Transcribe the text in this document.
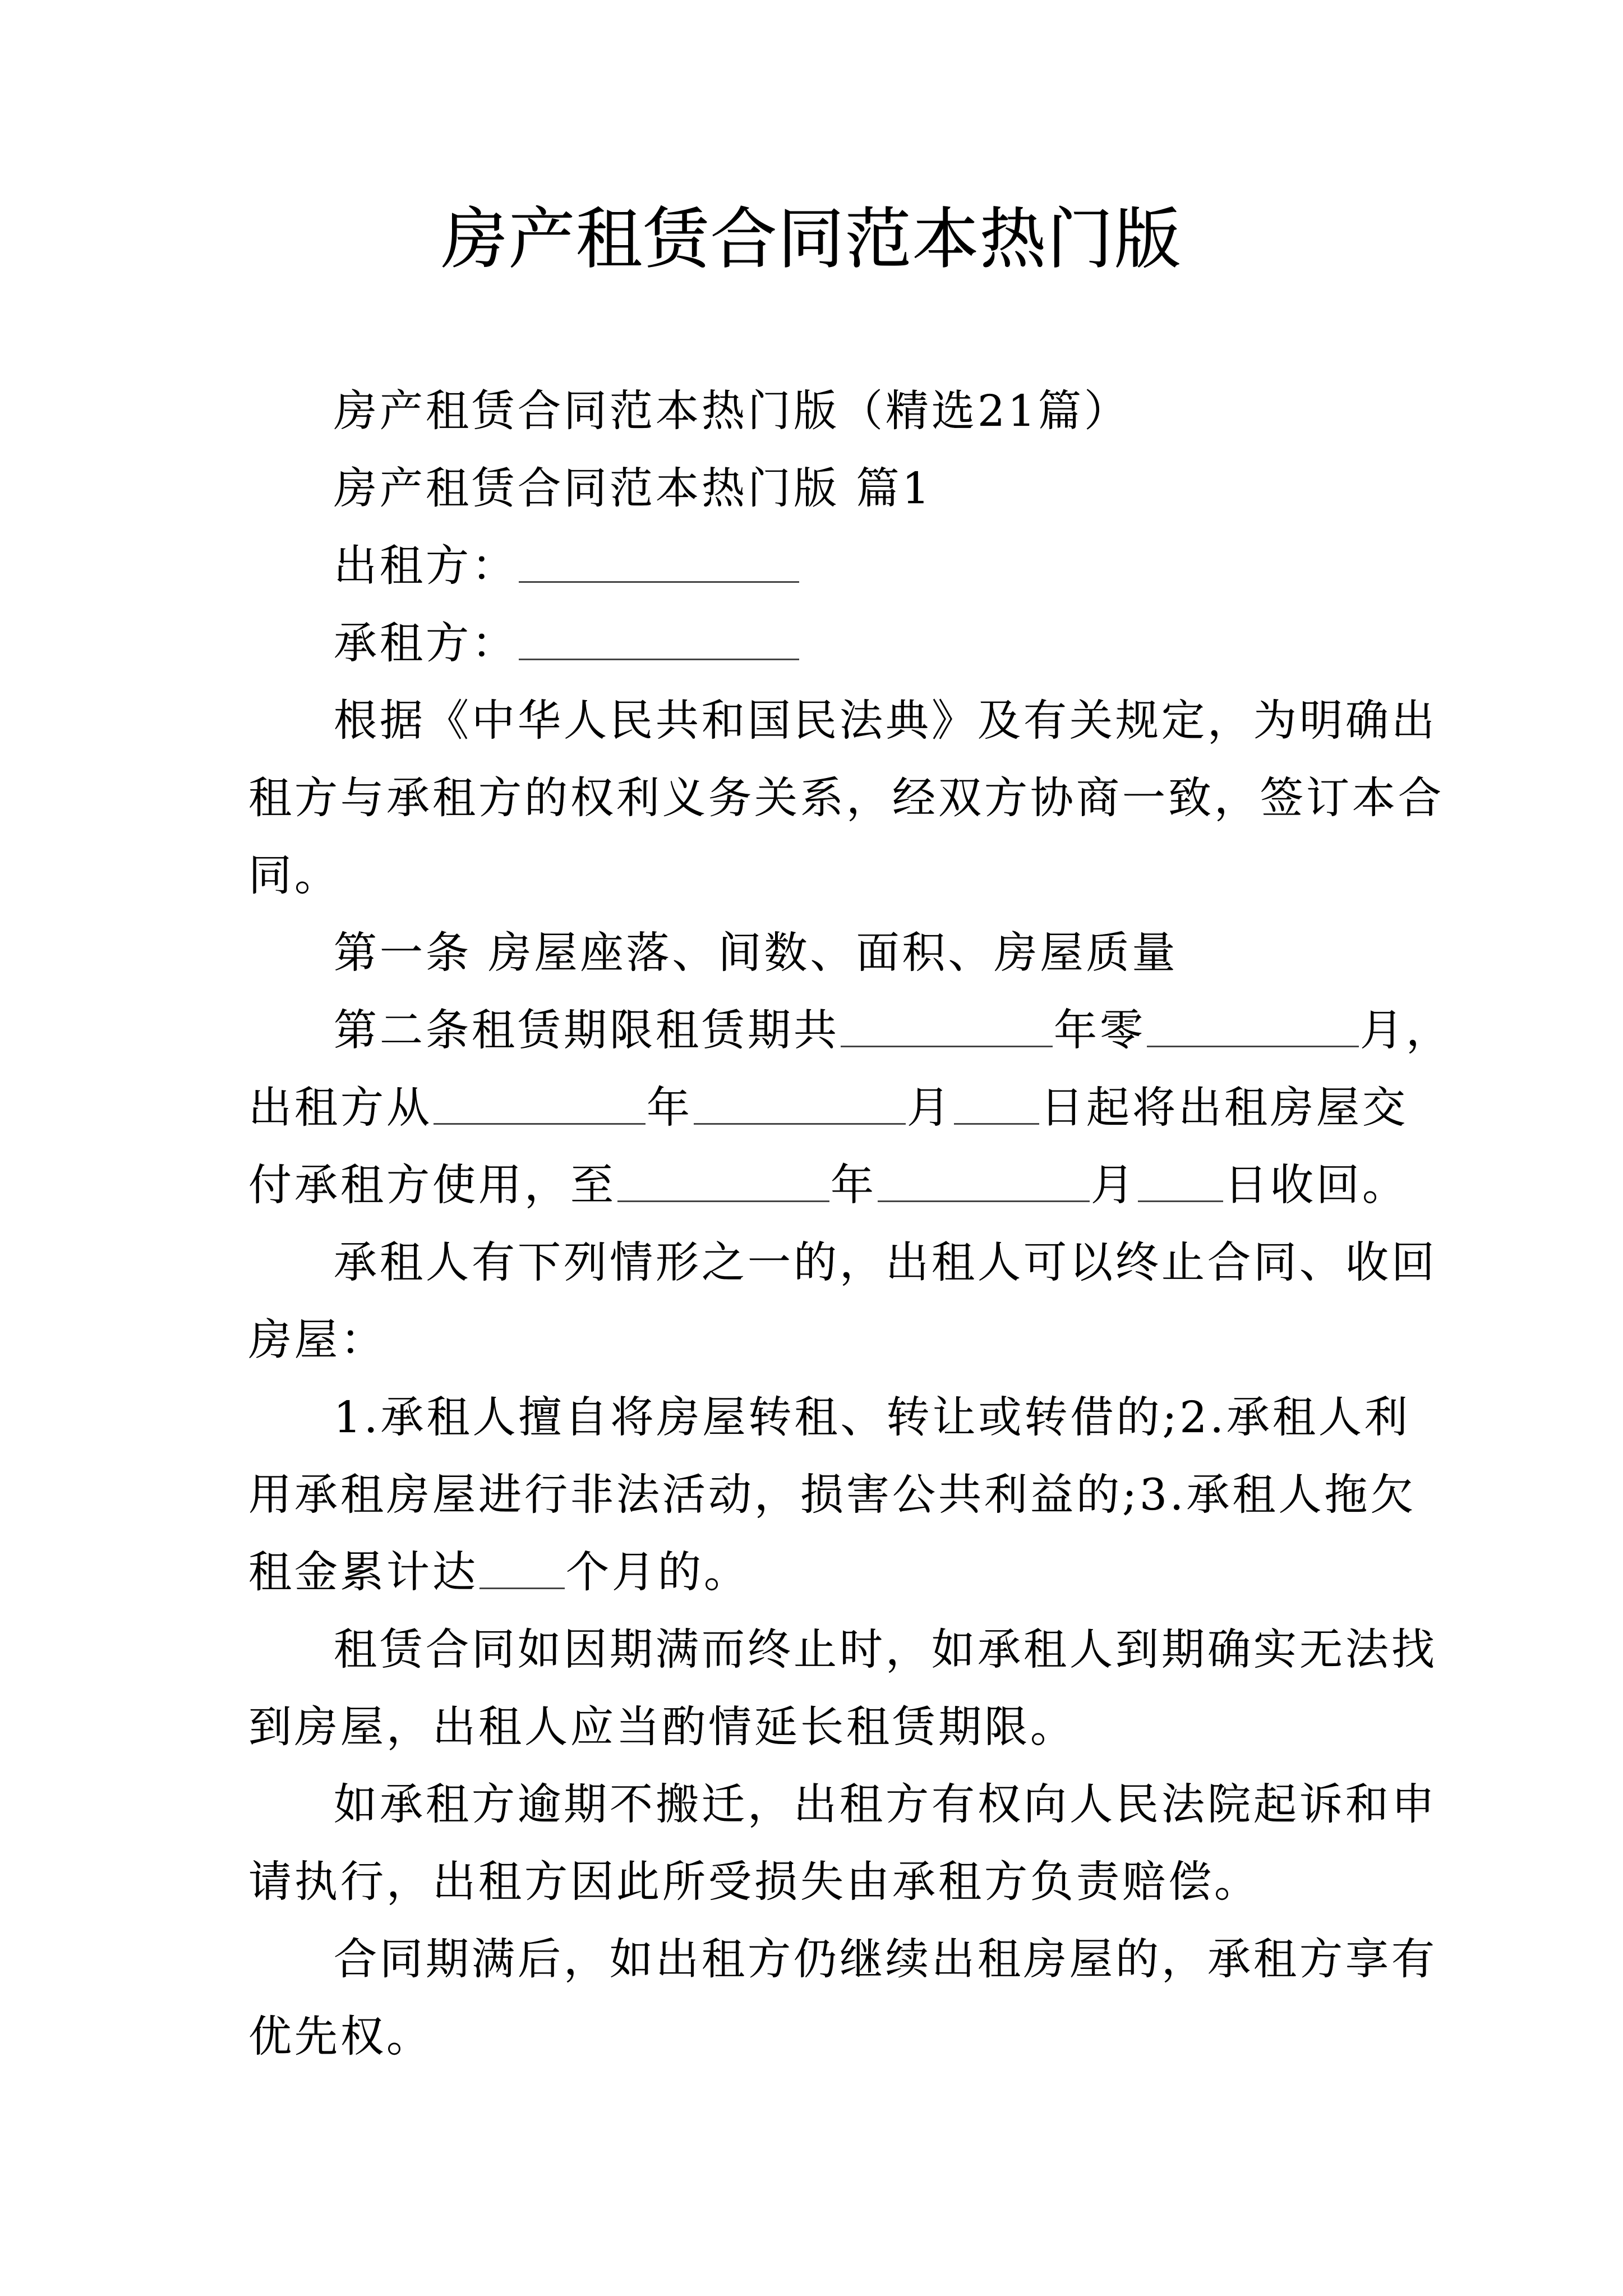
房产租赁合同范本热门版
房产租赁合同范本热门版（精选21篇）
房产租赁合同范本热门版 篇1
出租方：
承租方：
根据《中华人民共和国民法典》及有关规定，为明确出
租方与承租方的权利义务关系，经双方协商一致，签订本合
同。
第一条 房屋座落、间数、面积、房屋质量
第二条租赁期限租赁期共	年零	月，
出租方从	年	月 日起将出租房屋交
付承租方使用，至	年	月 日收回。
承租人有下列情形之一的，出租人可以终止合同、收回
房屋：
1.承租人擅自将房屋转租、转让或转借的;2.承租人利
用承租房屋进行非法活动，损害公共利益的;3.承租人拖欠
租金累计达 个月的。
租赁合同如因期满而终止时，如承租人到期确实无法找
到房屋，出租人应当酌情延长租赁期限。
如承租方逾期不搬迁，出租方有权向人民法院起诉和申
请执行，出租方因此所受损失由承租方负责赔偿。
合同期满后，如出租方仍继续出租房屋的，承租方享有
优先权。
